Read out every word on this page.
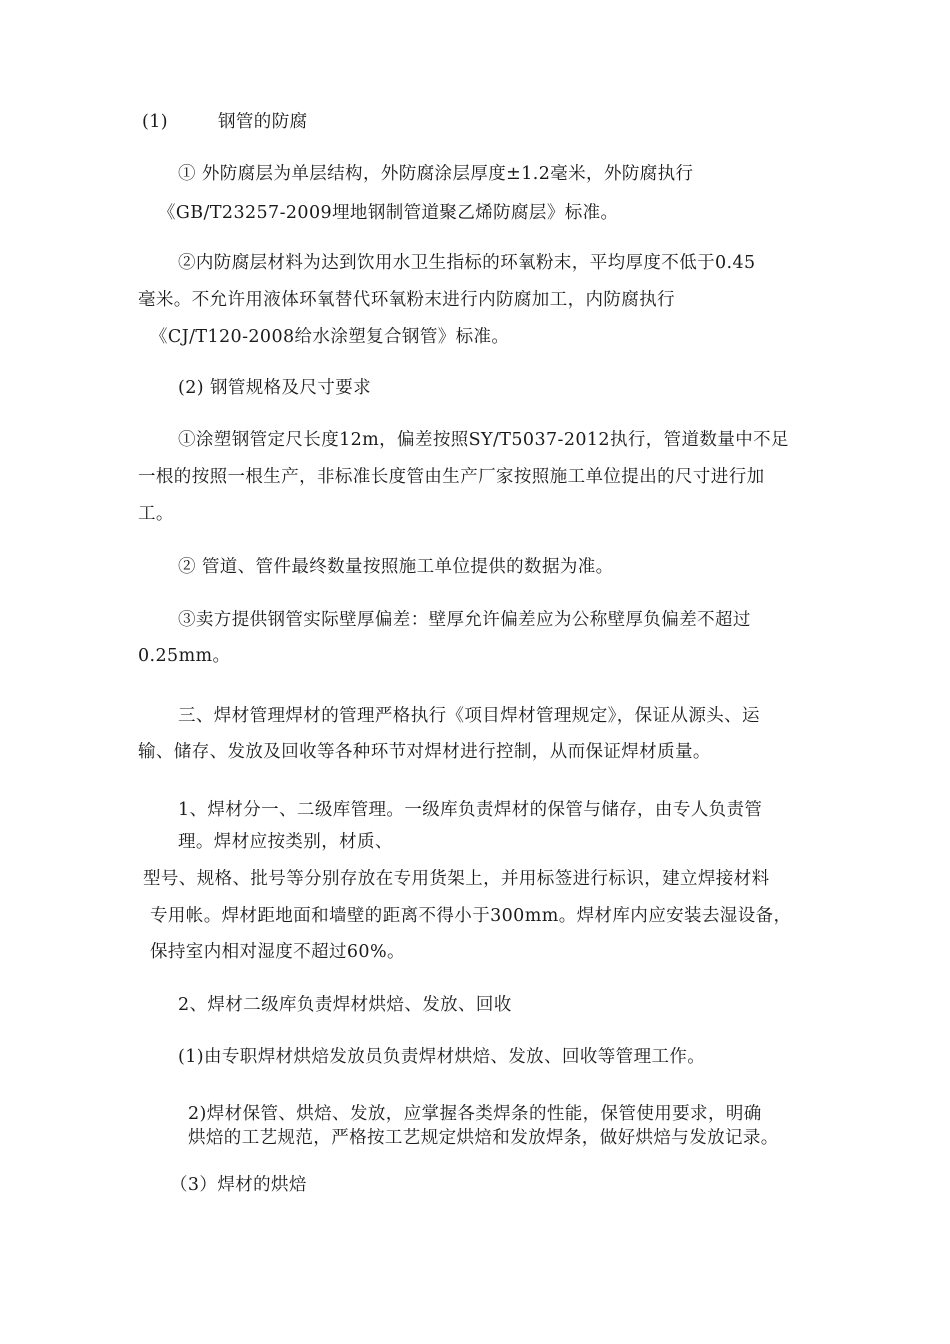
(1)	钢管的防腐
① 外防腐层为单层结构，外防腐涂层厚度±1.2毫米，外防腐执行
《GB/T23257-2009埋地钢制管道聚乙烯防腐层》标准。
②内防腐层材料为达到饮用水卫生指标的环氧粉末，平均厚度不低于0.45
毫米。不允许用液体环氧替代环氧粉末进行内防腐加工，内防腐执行
《CJ/T120-2008给水涂塑复合钢管》标准。
(2) 钢管规格及尺寸要求
①涂塑钢管定尺长度12m，偏差按照SY/T5037-2012执行，管道数量中不足
一根的按照一根生产，非标准长度管由生产厂家按照施工单位提出的尺寸进行加
工。
② 管道、管件最终数量按照施工单位提供的数据为准。
③卖方提供钢管实际壁厚偏差：壁厚允许偏差应为公称壁厚负偏差不超过
0.25mm。
三、焊材管理焊材的管理严格执行《项目焊材管理规定》，保证从源头、运
输、储存、发放及回收等各种环节对焊材进行控制，从而保证焊材质量。
1、焊材分一、二级库管理。一级库负责焊材的保管与储存，由专人负责管
理。焊材应按类别，材质、
型号、规格、批号等分别存放在专用货架上，并用标签进行标识，建立焊接材料
专用帐。焊材距地面和墙壁的距离不得小于300mm。焊材库内应安装去湿设备，
保持室内相对湿度不超过60%。
2、焊材二级库负责焊材烘焙、发放、回收
(1)由专职焊材烘焙发放员负责焊材烘焙、发放、回收等管理工作。
2)焊材保管、烘焙、发放，应掌握各类焊条的性能，保管使用要求，明确
烘焙的工艺规范，严格按工艺规定烘焙和发放焊条，做好烘焙与发放记录。
（3）焊材的烘焙
